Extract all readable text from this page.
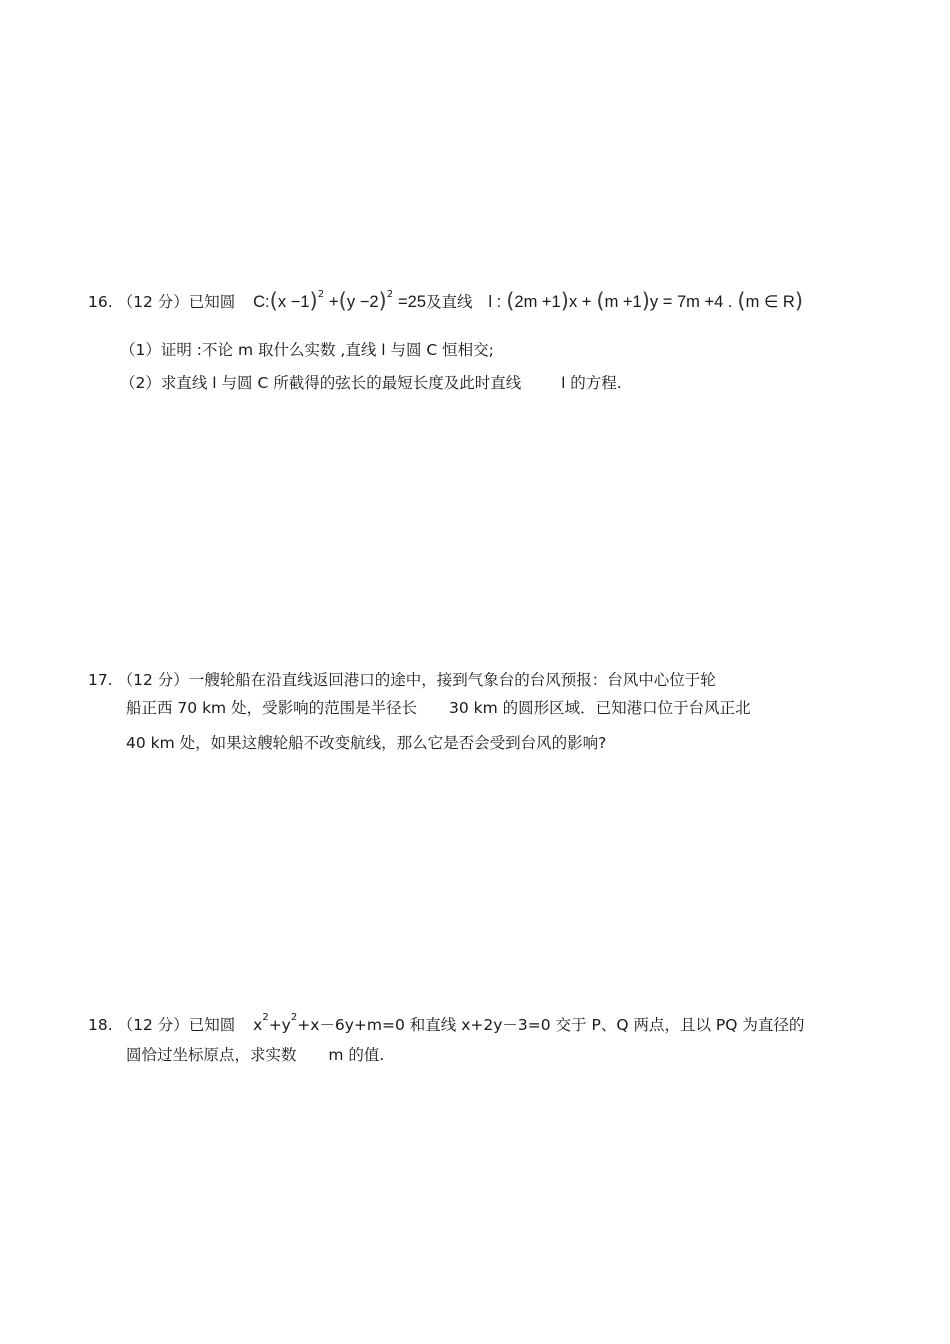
16. （12 分）已知圆 C:(x $-1)^2 +(y -2)^2 =25$及直线 l : (2m +1)x + (m +1)y = 7m +4 . (m ∈ R)
（1）证明 :不论 m 取什么实数 ,直线 l 与圆 C 恒相交;
（2）求直线 l 与圆 C 所截得的弦长的最短长度及此时直线	l 的方程.
17. （12 分）一艘轮船在沿直线返回港口的途中，接到气象台的台风预报：台风中心位于轮
船正西 70 km 处，受影响的范围是半径长 30 km 的圆形区域．已知港口位于台风正北
40 km 处，如果这艘轮船不改变航线，那么它是否会受到台风的影响?
18. （12 分）已知圆 $x^2+y^2+x-6y+m=0$ 和直线 x+2y－3=0 交于 P、Q 两点，且以 PQ 为直径的
圆恰过坐标原点，求实数 m 的值.
